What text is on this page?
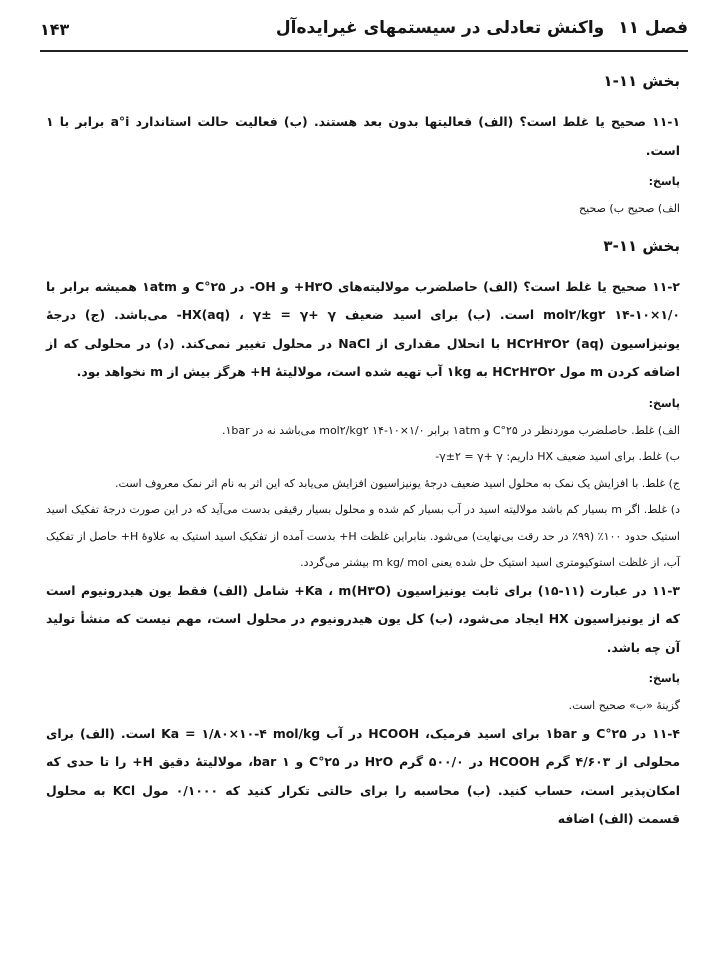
۱۴۳	فصل ۱۱واکنش تعادلی در سیستمهای غیرایده‌آل
بخش ۱۱-۱

۱۱-۱ صحیح یا غلط است؟ (الف) فعالیتها بدون بعد هستند. (ب) فعالیت حالت استاندارد a°i برابر با ۱ است.

پاسخ:

الف) صحیح ب) صحیح

بخش ۱۱-۳

۱۱-۲ صحیح یا غلط است؟ (الف) حاصلضرب مولالیته‌های H۳O+ و OH- در ۲۵°C و ۱atm همیشه برابر با ۱/۰×۱۰-۱۴ mol۲/kg۲ است. (ب) برای اسید ضعیف HX(aq) ، γ± = γ+ γ- می‌باشد. (ج) درجهٔ یونیزاسیون HC۲H۳O۲ (aq) با انحلال مقداری از NaCl در محلول تغییر نمی‌کند. (د) در محلولی که از اضافه کردن m مول HC۲H۳O۲ به ۱kg آب تهیه شده است، مولالیتهٔ H+ هرگز بیش از m نخواهد بود.

پاسخ:

الف) غلط. حاصلضرب موردنظر در ۲۵°C و ۱atm برابر ۱/۰×۱۰-۱۴ mol۲/kg۲ می‌باشد نه در ۱bar.

ب) غلط. برای اسید ضعیف HX داریم: γ±۲ = γ+ γ-

ج) غلط. با افزایش یک نمک به محلول اسید ضعیف درجهٔ یونیزاسیون افزایش می‌یابد که این اثر به نام اثر نمک معروف است.

د) غلط. اگر m بسیار کم باشد مولالیته اسید در آب بسیار کم شده و محلول بسیار رقیقی بدست می‌آید که در این صورت درجهٔ تفکیک اسید استیک حدود ۱۰۰٪ (۹۹٪ در حد رقت بی‌نهایت) می‌شود. بنابراین غلظت H+ بدست آمده از تفکیک اسید استیک به علاوهٔ H+ حاصل از تفکیک آب، از غلظت استوکیومتری اسید استیک حل شده یعنی m kg/ mol بیشتر می‌گردد.

۱۱-۳ در عبارت (۱۱-۱۵) برای ثابت یونیزاسیون Ka ، m(H۳O)+ شامل (الف) فقط یون هیدرونیوم است که از یونیزاسیون HX ایجاد می‌شود، (ب) کل یون هیدرونیوم در محلول است، مهم نیست که منشأ تولید آن چه باشد.

پاسخ:

گزینهٔ «ب» صحیح است.

۱۱-۴ در ۲۵°C و ۱bar برای اسید فرمیک، HCOOH در آب Ka = ۱/۸۰×۱۰-۴ mol/kg است. (الف) برای محلولی از ۴/۶۰۳ گرم HCOOH در ۵۰۰/۰ گرم H۲O در ۲۵°C و ۱ bar، مولالیتهٔ دقیق H+ را تا حدی که امکان‌پذیر است، حساب کنید. (ب) محاسبه را برای حالتی تکرار کنید که ۰/۱۰۰۰ مول KCl به محلول قسمت (الف) اضافه
